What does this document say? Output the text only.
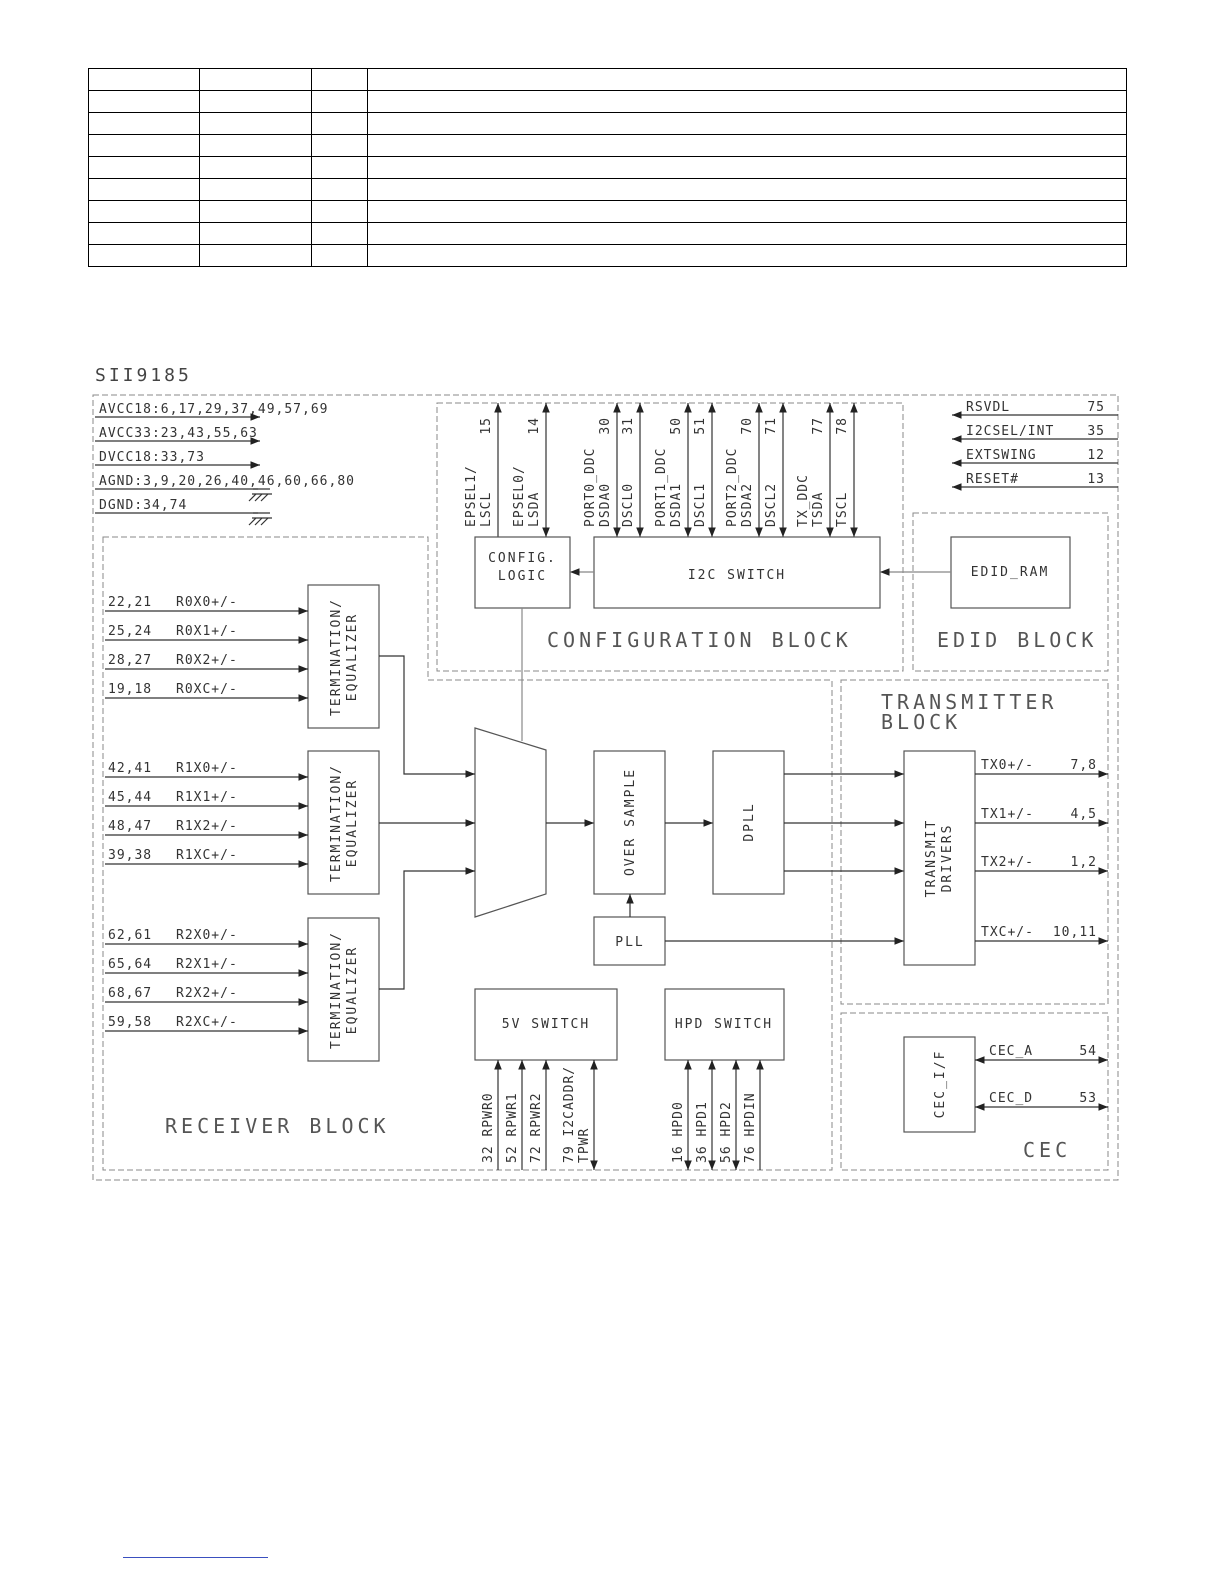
SII9185
AVCC18:6,17,29,37,49,57,69
AVCC33:23,43,55,63
DVCC18:33,73
AGND:3,9,20,26,40,46,60,66,80
DGND:34,74	LSCLEPSEL1/
15
LSDAEPSEL0/
14
DSDA0PORT0_DDC
30
DSCL0
31
DSDA1PORT1_DDC
50
DSCL1
51
DSDA2PORT2_DDC
70
DSCL2
71
TSDATX_DDC
77
TSCL
78
CONFIG. LOGIC	I2C SWITCH	EDID_RAM
CONFIGURATION BLOCK	EDID BLOCK
RSVDL	75
I2CSEL/INT	35
EXTSWING	12
RESET#	13
TERMINATION/EQUALIZER
22,21 R0X0+/-
25,24 R0X1+/-
28,27 R0X2+/-
19,18 R0XC+/-
TERMINATION/EQUALIZER
42,41 R1X0+/-
45,44 R1X1+/-
48,47 R1X2+/-
39,38 R1XC+/-
TERMINATION/EQUALIZER
62,61 R2X0+/-
65,64 R2X1+/-
68,67 R2X2+/-
59,58 R2XC+/-
OVER SAMPLE	DPLL
PLL
TRANSMITTER BLOCK
TRANSMITDRIVERS
TX0+/-	7,8
TX1+/-	4,5
TX2+/-	1,2
TXC+/- 10,11
5V SWITCH
32 RPWR0 52 RPWR1 72 RPWR2	TPWR79 I2CADDR/
HPD SWITCH
16 HPD0 36 HPD1 56 HPD2 76 HPDIN
RECEIVER BLOCK
CEC_I/F	CEC_A	54
CEC_D	53
CEC
